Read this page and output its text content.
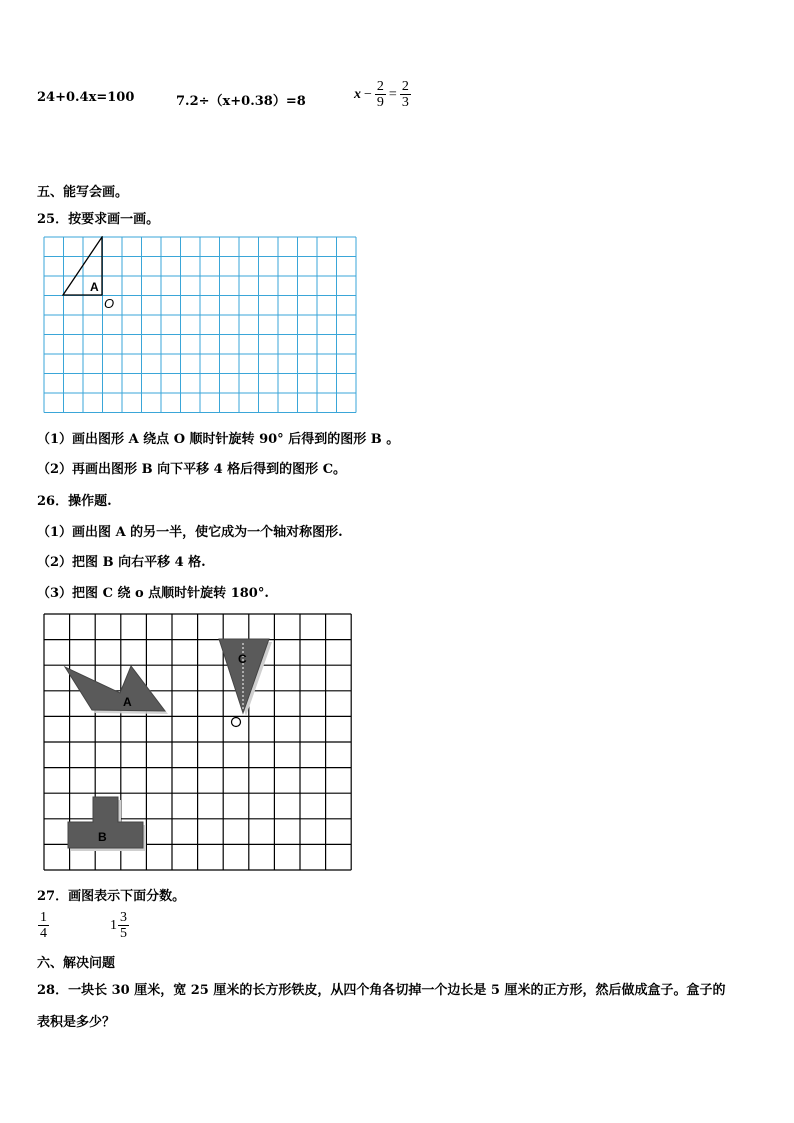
24+0.4x=100	7.2÷（x+0.38）=8	$x - \frac{2}{9} = \frac{2}{3}$
五、能写会画。
25．按要求画一画。
A
O
（1）画出图形 A 绕点 O 顺时针旋转 90° 后得到的图形 B 。
（2）再画出图形 B 向下平移 4 格后得到的图形 C。
26．操作题.
（1）画出图 A 的另一半，使它成为一个轴对称图形.
（2）把图 B 向右平移 4 格.
（3）把图 C 绕 o 点顺时针旋转 180°.
A
C
B
27．画图表示下面分数。
$\frac{1}{4}$	$1 \frac{3}{5}$
六、解决问题
28．一块长 30 厘米，宽 25 厘米的长方形铁皮，从四个角各切掉一个边长是 5 厘米的正方形，然后做成盒子。盒子的
表积是多少？
